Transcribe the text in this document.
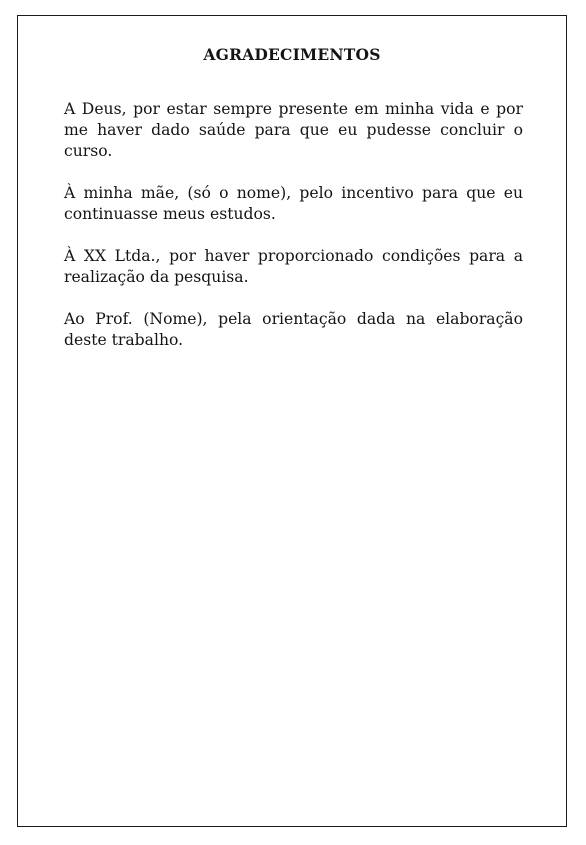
AGRADECIMENTOS

A Deus, por estar sempre presente em minha vida e por me haver dado saúde para que eu pudesse concluir o curso.

À minha mãe, (só o nome), pelo incentivo para que eu continuasse meus estudos.

À XX Ltda., por haver proporcionado condições para a realização da pesquisa.

Ao Prof. (Nome), pela orientação dada na elaboração deste trabalho.
